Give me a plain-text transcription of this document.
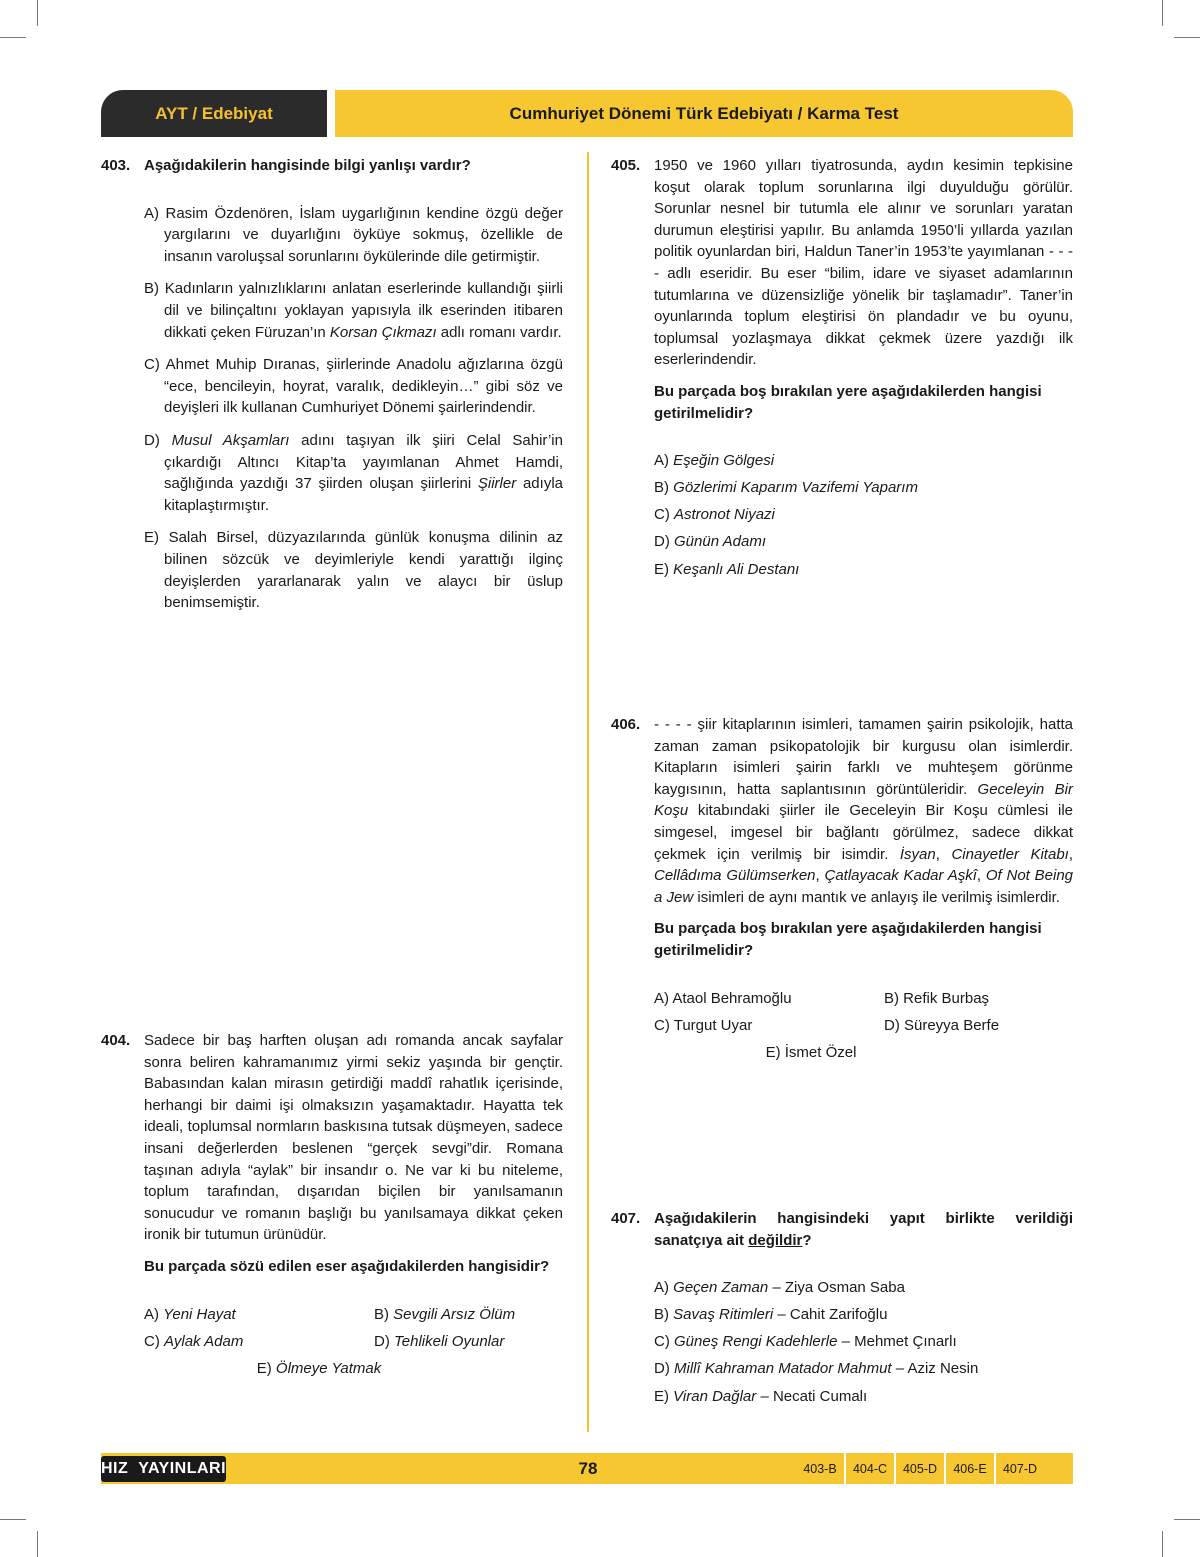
AYT / Edebiyat	Cumhuriyet Dönemi Türk Edebiyatı / Karma Test
403. Aşağıdakilerin hangisinde bilgi yanlışı vardır?
A) Rasim Özdenören, İslam uygarlığının kendine özgü değer yargılarını ve duyarlığını öyküye sokmuş, özellikle de insanın varoluşsal sorunlarını öykülerinde dile getirmiştir.
B) Kadınların yalnızlıklarını anlatan eserlerinde kullandığı şiirli dil ve bilinçaltını yoklayan yapısıyla ilk eserinden itibaren dikkati çeken Füruzan’ın Korsan Çıkmazı adlı romanı vardır.
C) Ahmet Muhip Dıranas, şiirlerinde Anadolu ağızlarına özgü “ece, bencileyin, hoyrat, varalık, dedikleyin…” gibi söz ve deyişleri ilk kullanan Cumhuriyet Dönemi şairlerindendir.
D) Musul Akşamları adını taşıyan ilk şiiri Celal Sahir’in çıkardığı Altıncı Kitap’ta yayımlanan Ahmet Hamdi, sağlığında yazdığı 37 şiirden oluşan şiirlerini Şiirler adıyla kitaplaştırmıştır.
E) Salah Birsel, düzyazılarında günlük konuşma dilinin az bilinen sözcük ve deyimleriyle kendi yarattığı ilginç deyişlerden yararlanarak yalın ve alaycı bir üslup benimsemiştir.
404. Sadece bir baş harften oluşan adı romanda ancak sayfalar sonra beliren kahramanımız yirmi sekiz yaşında bir gençtir. Babasından kalan mirasın getirdiği maddî rahatlık içerisinde, herhangi bir daimi işi olmaksızın yaşamaktadır. Hayatta tek ideali, toplumsal normların baskısına tutsak düşmeyen, sadece insani değerlerden beslenen “gerçek sevgi”dir. Romana taşınan adıyla “aylak” bir insandır o. Ne var ki bu niteleme, toplum tarafından, dışarıdan biçilen bir yanılsamanın sonucudur ve romanın başlığı bu yanılsamaya dikkat çeken ironik bir tutumun ürünüdür.
Bu parçada sözü edilen eser aşağıdakilerden hangisidir?
A) Yeni Hayat	B) Sevgili Arsız Ölüm
C) Aylak Adam	D) Tehlikeli Oyunlar
E) Ölmeye Yatmak
405. 1950 ve 1960 yılları tiyatrosunda, aydın kesimin tepkisine koşut olarak toplum sorunlarına ilgi duyulduğu görülür. Sorunlar nesnel bir tutumla ele alınır ve sorunları yaratan durumun eleştirisi yapılır. Bu anlamda 1950’li yıllarda yazılan politik oyunlardan biri, Haldun Taner’in 1953’te yayımlanan - - - - adlı eseridir. Bu eser “bilim, idare ve siyaset adamlarının tutumlarına ve düzensizliğe yönelik bir taşlamadır”. Taner’in oyunlarında toplum eleştirisi ön plandadır ve bu oyunu, toplumsal yozlaşmaya dikkat çekmek üzere yazdığı ilk eserlerindendir.
Bu parçada boş bırakılan yere aşağıdakilerden hangisi getirilmelidir?
A) Eşeğin Gölgesi
B) Gözlerimi Kaparım Vazifemi Yaparım
C) Astronot Niyazi
D) Günün Adamı
E) Keşanlı Ali Destanı
406. - - - - şiir kitaplarının isimleri, tamamen şairin psikolojik, hatta zaman zaman psikopatolojik bir kurgusu olan isimlerdir. Kitapların isimleri şairin farklı ve muhteşem görünme kaygısının, hatta saplantısının görüntüleridir. Geceleyin Bir Koşu kitabındaki şiirler ile Geceleyin Bir Koşu cümlesi ile simgesel, imgesel bir bağlantı görülmez, sadece dikkat çekmek için verilmiş bir isimdir. İsyan, Cinayetler Kitabı, Cellâdıma Gülümserken, Çatlayacak Kadar Aşkî, Of Not Being a Jew isimleri de aynı mantık ve anlayış ile verilmiş isimlerdir.
Bu parçada boş bırakılan yere aşağıdakilerden hangisi getirilmelidir?
A) Ataol Behramoğlu	B) Refik Burbaş
C) Turgut Uyar	D) Süreyya Berfe
E) İsmet Özel
407. Aşağıdakilerin hangisindeki yapıt birlikte verildiği sanatçıya ait değildir?
A) Geçen Zaman – Ziya Osman Saba
B) Savaş Ritimleri – Cahit Zarifoğlu
C) Güneş Rengi Kadehlerle – Mehmet Çınarlı
D) Millî Kahraman Matador Mahmut – Aziz Nesin
E) Viran Dağlar – Necati Cumalı
HIZ YAYINLARI	78	403-B	404-C	405-D	406-E	407-D
